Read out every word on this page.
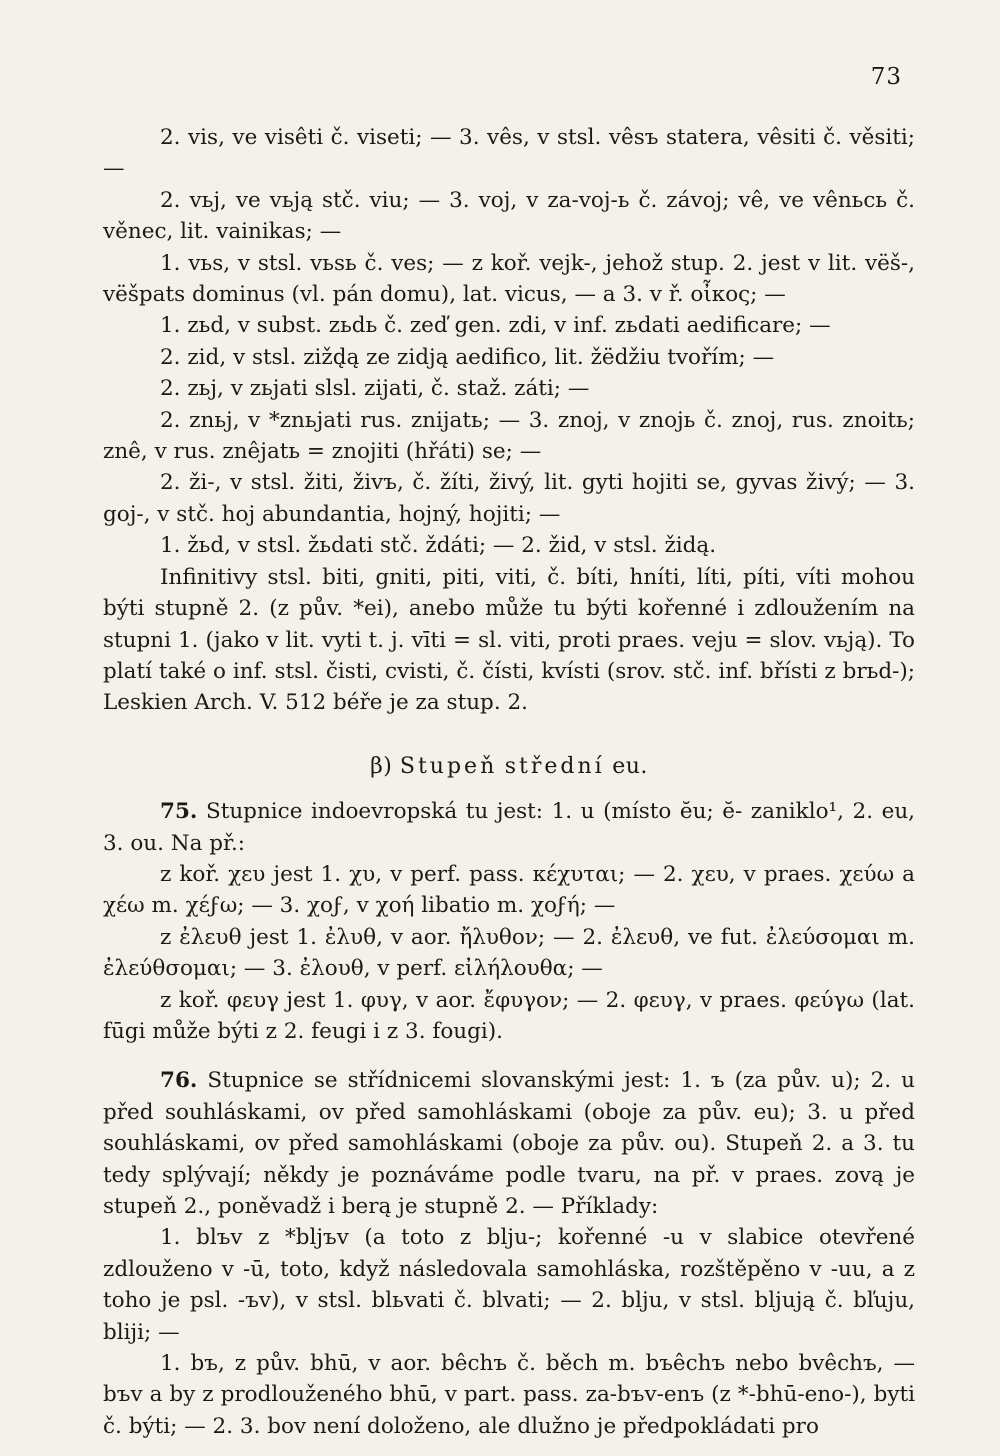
73

2. vis, ve visêti č. viseti; — 3. vês, v stsl. vêsъ statera, vêsiti č. věsiti; —

2. vьj, ve vьją stč. viu; — 3. voj, v za-voj-ь č. závoj; vê, ve vênьcь č. věnec, lit. vainikas; —

1. vьs, v stsl. vьsь č. ves; — z koř. vejk-, jehož stup. 2. jest v lit. vëš-, vëšpats dominus (vl. pán domu), lat. vicus, — a 3. v ř. οἶκος; —

1. zьd, v subst. zьdь č. zeď gen. zdi, v inf. zьdati aedificare; —

2. zid, v stsl. zižd̨ą ze zidją aedifico, lit. žëdžiu tvořím; —

2. zьj, v zьjati slsl. zijati, č. staž. záti; —

2. znьj, v *znьjati rus. znijatь; — 3. znoj, v znojь č. znoj, rus. znoitь; znê, v rus. znêjatь = znojiti (hřáti) se; —

2. ži-, v stsl. žiti, živъ, č. žíti, živý, lit. gyti hojiti se, gyvas živý; — 3. goj-, v stč. hoj abundantia, hojný, hojiti; —

1. žьd, v stsl. žьdati stč. ždáti; — 2. žid, v stsl. židą.

Infinitivy stsl. biti, gniti, piti, viti, č. bíti, hníti, líti, píti, víti mohou býti stupně 2. (z pův. *ei), anebo může tu býti kořenné i zdloužením na stupni 1. (jako v lit. vyti t. j. vīti = sl. viti, proti praes. veju = slov. vьją). To platí také o inf. stsl. čisti, cvisti, č. čísti, kvísti (srov. stč. inf. břísti z brьd-); Leskien Arch. V. 512 béře je za stup. 2.

β) Stupeň střední eu.

75. Stupnice indoevropská tu jest: 1. u (místo ĕu; ĕ- zaniklo¹, 2. eu, 3. ou. Na př.:

z koř. χευ jest 1. χυ, v perf. pass. κέχυται; — 2. χευ, v praes. χεύω a χέω m. χέϝω; — 3. χοϝ, v χοή libatio m. χοϝή; —

z ἐλευθ jest 1. ἐλυθ, v aor. ἤλυθον; — 2. ἐλευθ, ve fut. ἐλεύσομαι m. ἐλεύθσομαι; — 3. ἐλουθ, v perf. εἰλήλουθα; —

z koř. φευγ jest 1. φυγ, v aor. ἔφυγον; — 2. φευγ, v praes. φεύγω (lat. fūgi může býti z 2. feugi i z 3. fougi).

76. Stupnice se střídnicemi slovanskými jest: 1. ъ (za pův. u); 2. u před souhláskami, ov před samohláskami (oboje za pův. eu); 3. u před souhláskami, ov před samohláskami (oboje za pův. ou). Stupeň 2. a 3. tu tedy splývají; někdy je poznáváme podle tvaru, na př. v praes. zovą je stupeň 2., poněvadž i berą je stupně 2. — Příklady:

1. blъv z *bljъv (a toto z blju-; kořenné -u v slabice otevřené zdlouženo v -ū, toto, když následovala samohláska, rozštěpěno v -uu, a z toho je psl. -ъv), v stsl. blьvati č. blvati; — 2. blju, v stsl. bljują č. bľuju, bliji; —

1. bъ, z pův. bhū, v aor. bêchъ č. běch m. bъêchъ nebo bvêchъ, — bъv a by z prodlouženého bhū, v part. pass. za-bъv-enъ (z *-bhū-eno-), byti č. býti; — 2. 3. bov není doloženo, ale dlužno je předpokládati pro
